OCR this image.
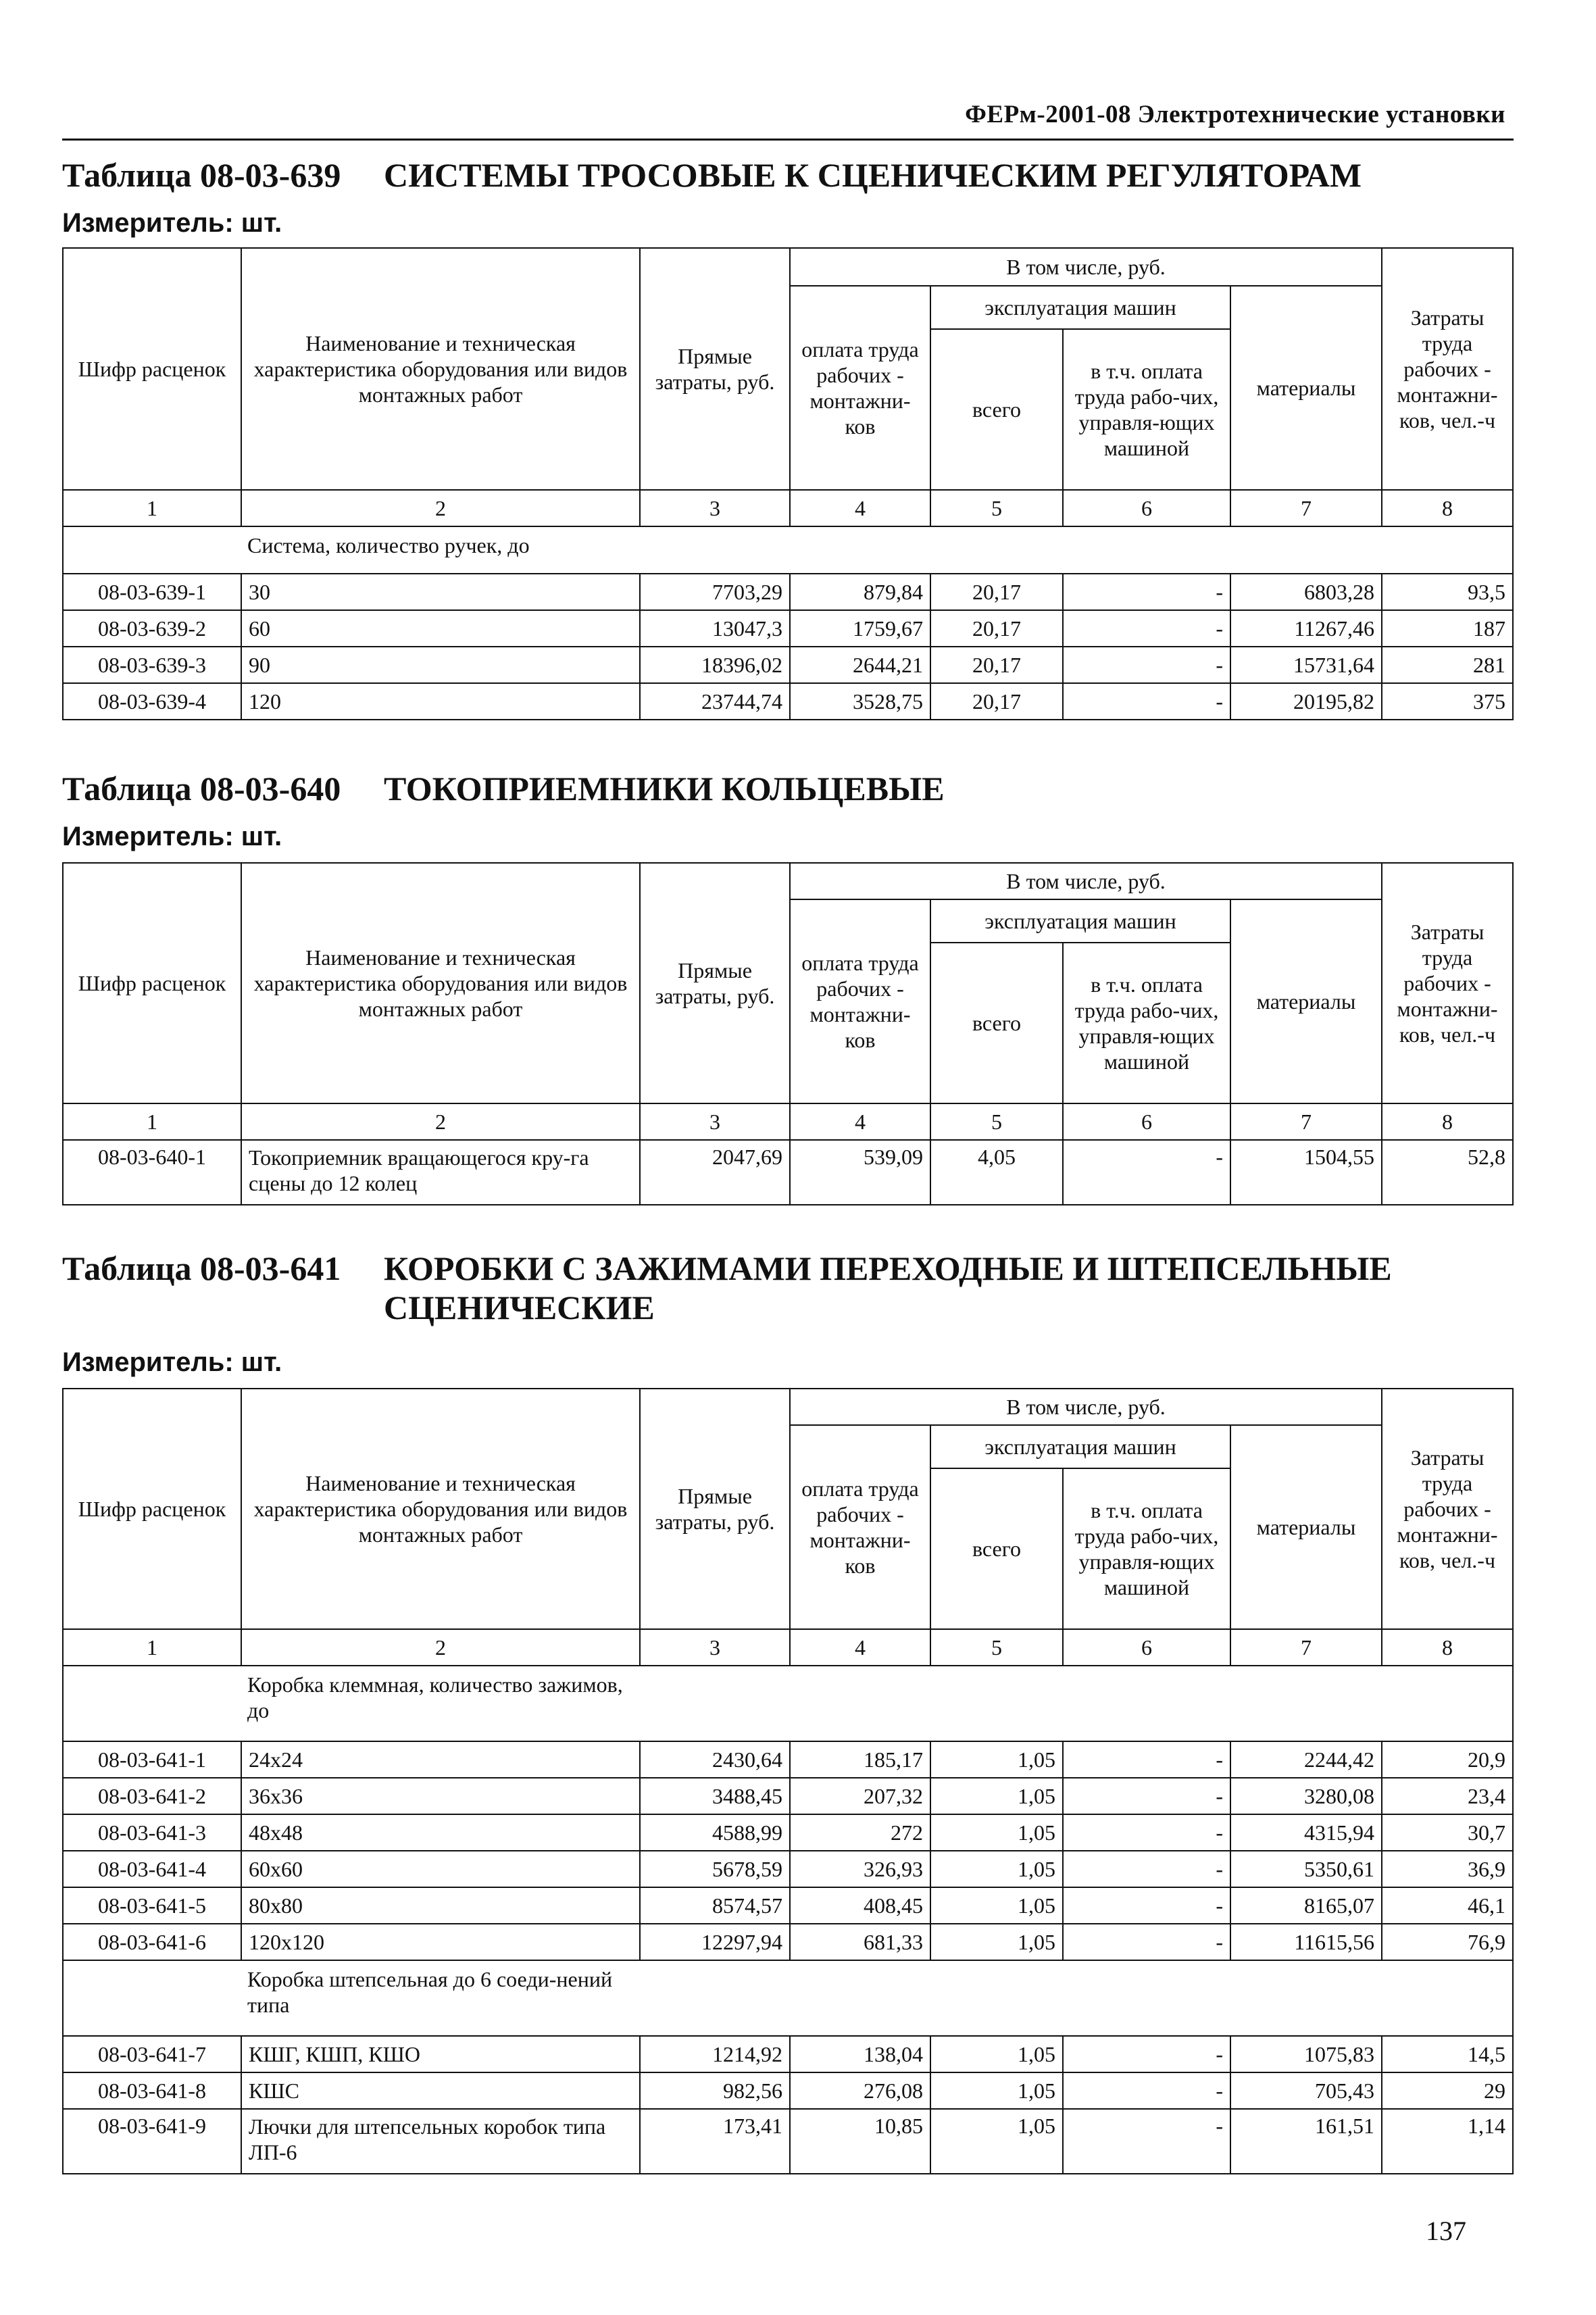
ФЕРм-2001-08 Электротехнические установки
Таблица 08-03-639 СИСТЕМЫ ТРОСОВЫЕ К СЦЕНИЧЕСКИМ РЕГУЛЯТОРАМ
Измеритель: шт.
Шифр расценок	Наименование и техническая характеристика оборудования или видов монтажных работ	Прямые затраты, руб.	В том числе, руб.				Затраты труда рабочих - монтажни-ков, чел.-ч
			оплата труда рабочих - монтажни-ков	эксплуатация машин		материалы	
				всего	в т.ч. оплата труда рабо-чих, управля-ющих машиной		
1	2	3	4	5	6	7	8
Система, количество ручек, до							
08-03-639-1	30	7703,29	879,84	20,17	-	6803,28	93,5
08-03-639-2	60	13047,3	1759,67	20,17	-	11267,46	187
08-03-639-3	90	18396,02	2644,21	20,17	-	15731,64	281
08-03-639-4	120	23744,74	3528,75	20,17	-	20195,82	375
Таблица 08-03-640 ТОКОПРИЕМНИКИ КОЛЬЦЕВЫЕ
Измеритель: шт.
Шифр расценок	Наименование и техническая характеристика оборудования или видов монтажных работ	Прямые затраты, руб.	В том числе, руб.				Затраты труда рабочих - монтажни-ков, чел.-ч
			оплата труда рабочих - монтажни-ков	эксплуатация машин		материалы	
				всего	в т.ч. оплата труда рабо-чих, управля-ющих машиной		
1	2	3	4	5	6	7	8
08-03-640-1	Токоприемник вращающегося кру-га сцены до 12 колец	2047,69	539,09	4,05	-	1504,55	52,8
Таблица 08-03-641 КОРОБКИ С ЗАЖИМАМИ ПЕРЕХОДНЫЕ И ШТЕПСЕЛЬНЫЕ СЦЕНИЧЕСКИЕ
Измеритель: шт.
Шифр расценок	Наименование и техническая характеристика оборудования или видов монтажных работ	Прямые затраты, руб.	В том числе, руб.				Затраты труда рабочих - монтажни-ков, чел.-ч
			оплата труда рабочих - монтажни-ков	эксплуатация машин		материалы	
				всего	в т.ч. оплата труда рабо-чих, управля-ющих машиной		
1	2	3	4	5	6	7	8
Коробка клеммная, количество зажимов, до							
08-03-641-1	24x24	2430,64	185,17	1,05	-	2244,42	20,9
08-03-641-2	36x36	3488,45	207,32	1,05	-	3280,08	23,4
08-03-641-3	48x48	4588,99	272	1,05	-	4315,94	30,7
08-03-641-4	60x60	5678,59	326,93	1,05	-	5350,61	36,9
08-03-641-5	80x80	8574,57	408,45	1,05	-	8165,07	46,1
08-03-641-6	120x120	12297,94	681,33	1,05	-	11615,56	76,9
Коробка штепсельная до 6 соеди-нений типа							
08-03-641-7	КШГ, КШП, КШО	1214,92	138,04	1,05	-	1075,83	14,5
08-03-641-8	КШС	982,56	276,08	1,05	-	705,43	29
08-03-641-9	Лючки для штепсельных коробок типа ЛП-6	173,41	10,85	1,05	-	161,51	1,14
137
